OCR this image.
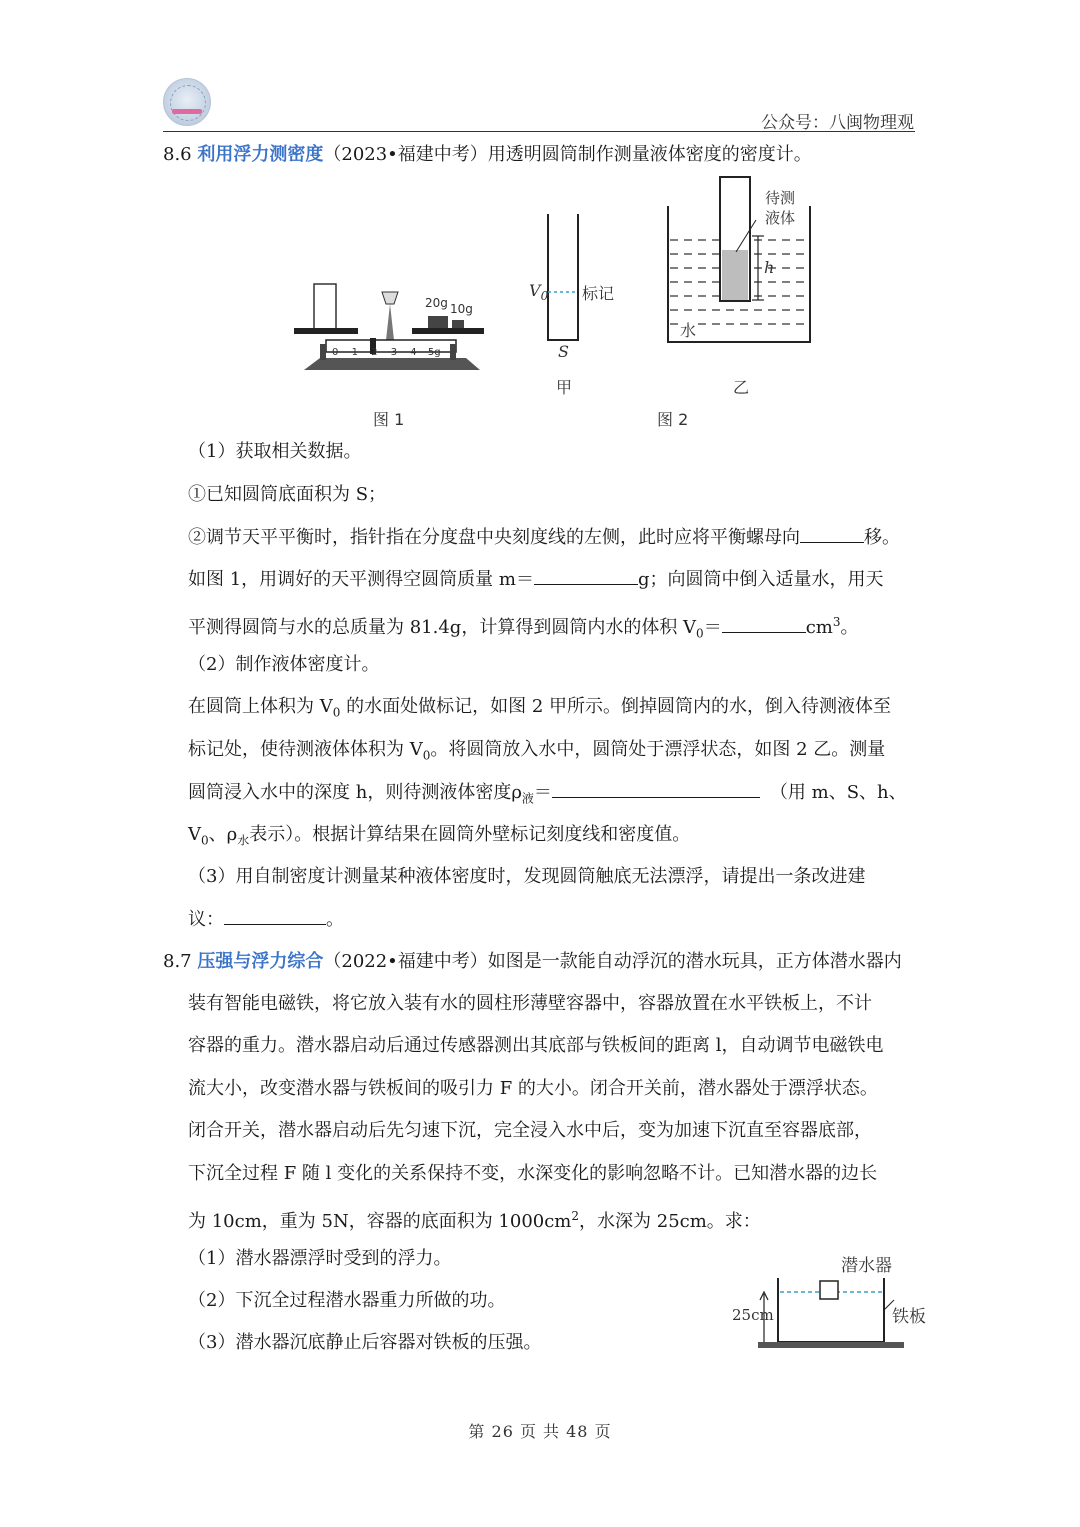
公众号：八闽物理观
8.6 利用浮力测密度（2023•福建中考）用透明圆筒制作测量液体密度的密度计。
20g 10g
0 1 2 3 4 5g
图 1
$V_0$ 标记
S
甲
待测
液体
h
水
乙
图 2
（1）获取相关数据。
①已知圆筒底面积为 S；
②调节天平平衡时，指针指在分度盘中央刻度线的左侧，此时应将平衡螺母向	移。
如图 1，用调好的天平测得空圆筒质量 m＝	g；向圆筒中倒入适量水，用天
平测得圆筒与水的总质量为 81.4g，计算得到圆筒内水的体积 $V_0=$	$cm^3$。
（2）制作液体密度计。
在圆筒上体积为 $V_0$ 的水面处做标记，如图 2 甲所示。倒掉圆筒内的水，倒入待测液体至
标记处，使待测液体体积为 $V_0$。将圆筒放入水中，圆筒处于漂浮状态，如图 2 乙。测量
圆筒浸入水中的深度 h，则待测液体密度$\rho_液=$	（用 m、S、h、
$V_0$、$\rho_水$表示）。根据计算结果在圆筒外壁标记刻度线和密度值。
（3）用自制密度计测量某种液体密度时，发现圆筒触底无法漂浮，请提出一条改进建
议：	。
8.7 压强与浮力综合（2022•福建中考）如图是一款能自动浮沉的潜水玩具，正方体潜水器内
装有智能电磁铁，将它放入装有水的圆柱形薄壁容器中，容器放置在水平铁板上，不计
容器的重力。潜水器启动后通过传感器测出其底部与铁板间的距离 l，自动调节电磁铁电
流大小，改变潜水器与铁板间的吸引力 F 的大小。闭合开关前，潜水器处于漂浮状态。
闭合开关，潜水器启动后先匀速下沉，完全浸入水中后，变为加速下沉直至容器底部，
下沉全过程 F 随 l 变化的关系保持不变，水深变化的影响忽略不计。已知潜水器的边长
为 10cm，重为 5N，容器的底面积为 $1000cm^2$，水深为 25cm。求：
（1）潜水器漂浮时受到的浮力。
（2）下沉全过程潜水器重力所做的功。
（3）潜水器沉底静止后容器对铁板的压强。
潜水器
铁板
25cm
第 26 页 共 48 页
